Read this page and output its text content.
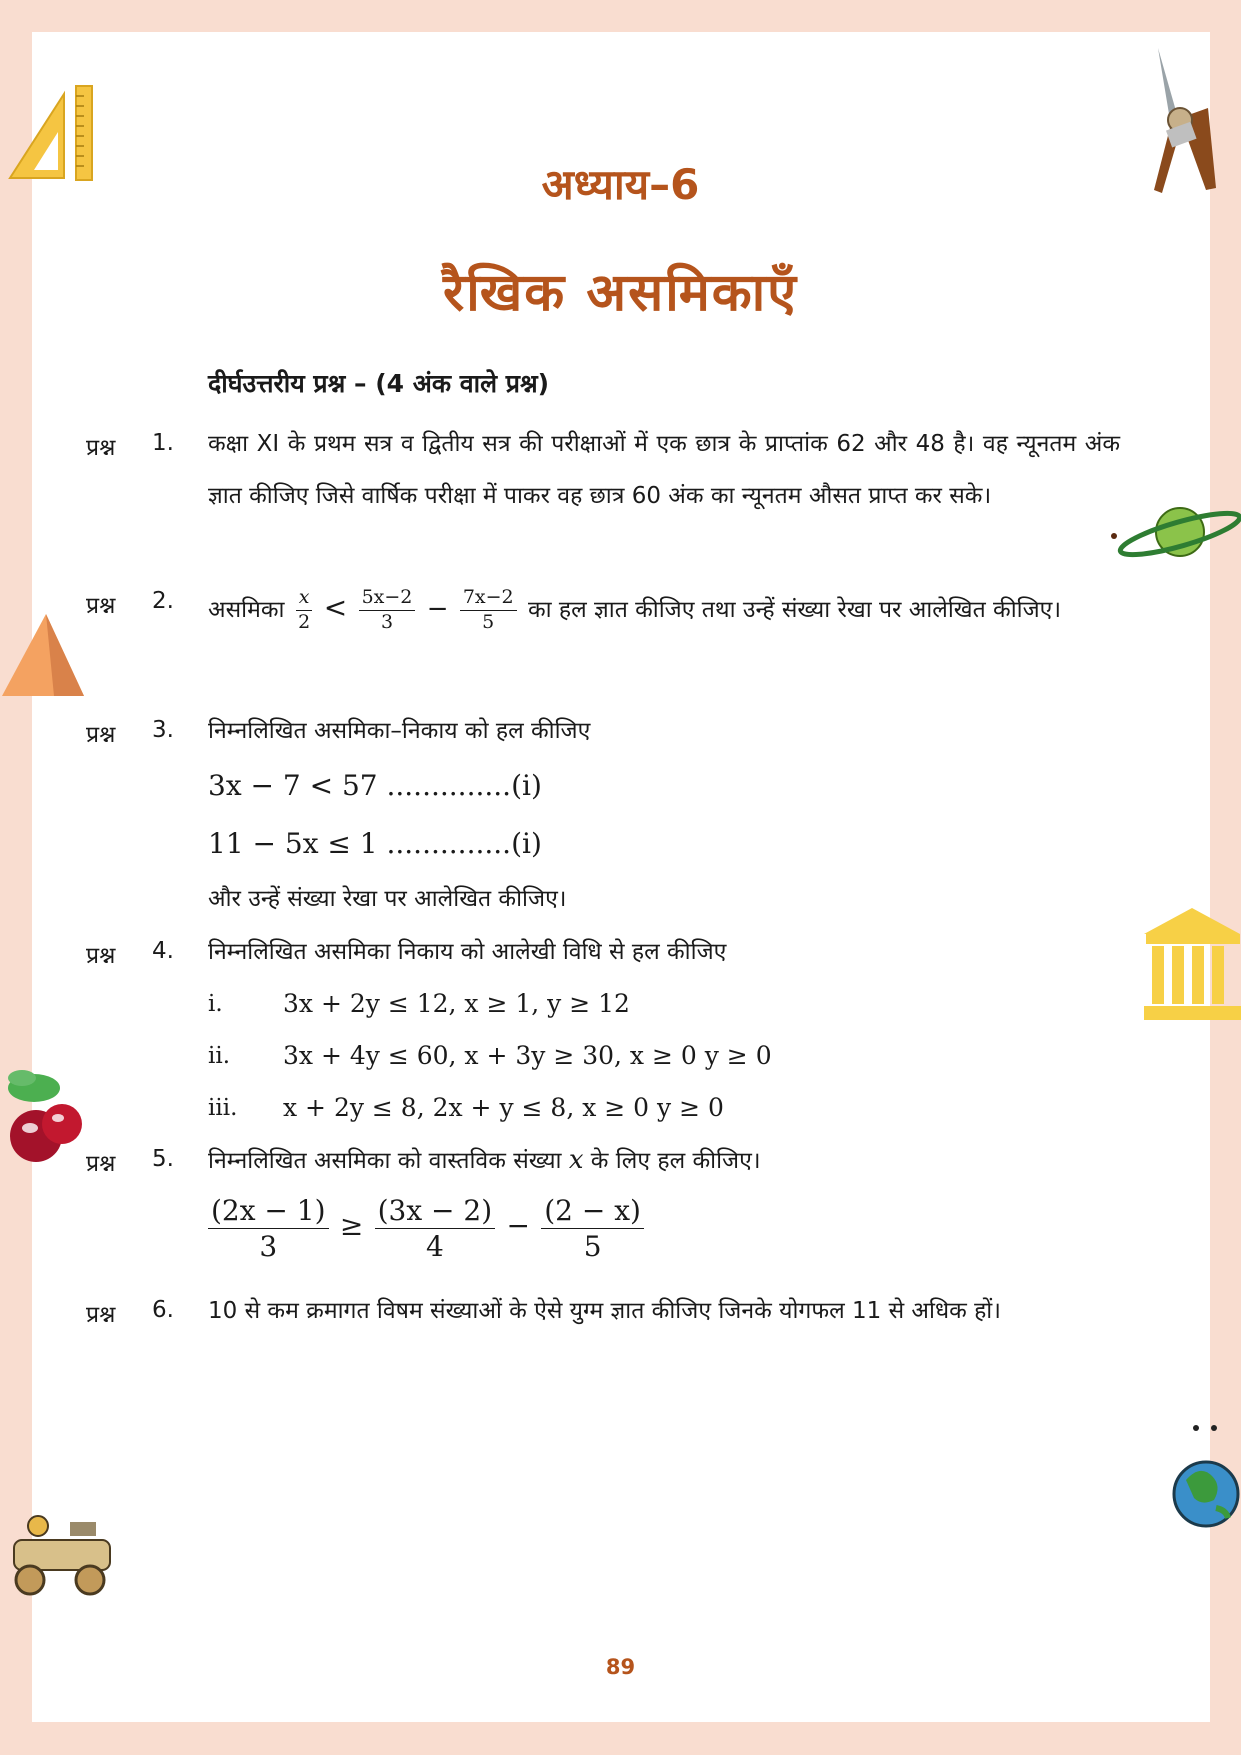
अध्याय–6
रैखिक असमिकाएँ
दीर्घउत्तरीय प्रश्न – (4 अंक वाले प्रश्न)
प्रश्न 1. कक्षा XI के प्रथम सत्र व द्वितीय सत्र की परीक्षाओं में एक छात्र के प्राप्तांक 62 और 48 है। वह न्यूनतम अंक ज्ञात कीजिए जिसे वार्षिक परीक्षा में पाकर वह छात्र 60 अंक का न्यूनतम औसत प्राप्त कर सके।
प्रश्न 2. असमिका $\frac{x}{2} < \frac{5x-2}{3} - \frac{7x-2}{5}$ का हल ज्ञात कीजिए तथा उन्हें संख्या रेखा पर आलेखित कीजिए।
प्रश्न 3. निम्नलिखित असमिका–निकाय को हल कीजिए
3x − 7 < 57 ..............(i)
11 − 5x ≤ 1 ..............(i)
और उन्हें संख्या रेखा पर आलेखित कीजिए।
प्रश्न 4. निम्नलिखित असमिका निकाय को आलेखी विधि से हल कीजिए
i. 3x + 2y ≤ 12, x ≥ 1, y ≥ 12
ii. 3x + 4y ≤ 60, x + 3y ≥ 30, x ≥ 0 y ≥ 0
iii. x + 2y ≤ 8, 2x + y ≤ 8, x ≥ 0 y ≥ 0
प्रश्न 5. निम्नलिखित असमिका को वास्तविक संख्या x के लिए हल कीजिए।
$\frac{(2x - 1)}{3} \ge \frac{(3x - 2)}{4} - \frac{(2 - x)}{5}$
प्रश्न 6. 10 से कम क्रमागत विषम संख्याओं के ऐसे युग्म ज्ञात कीजिए जिनके योगफल 11 से अधिक हों।
89
